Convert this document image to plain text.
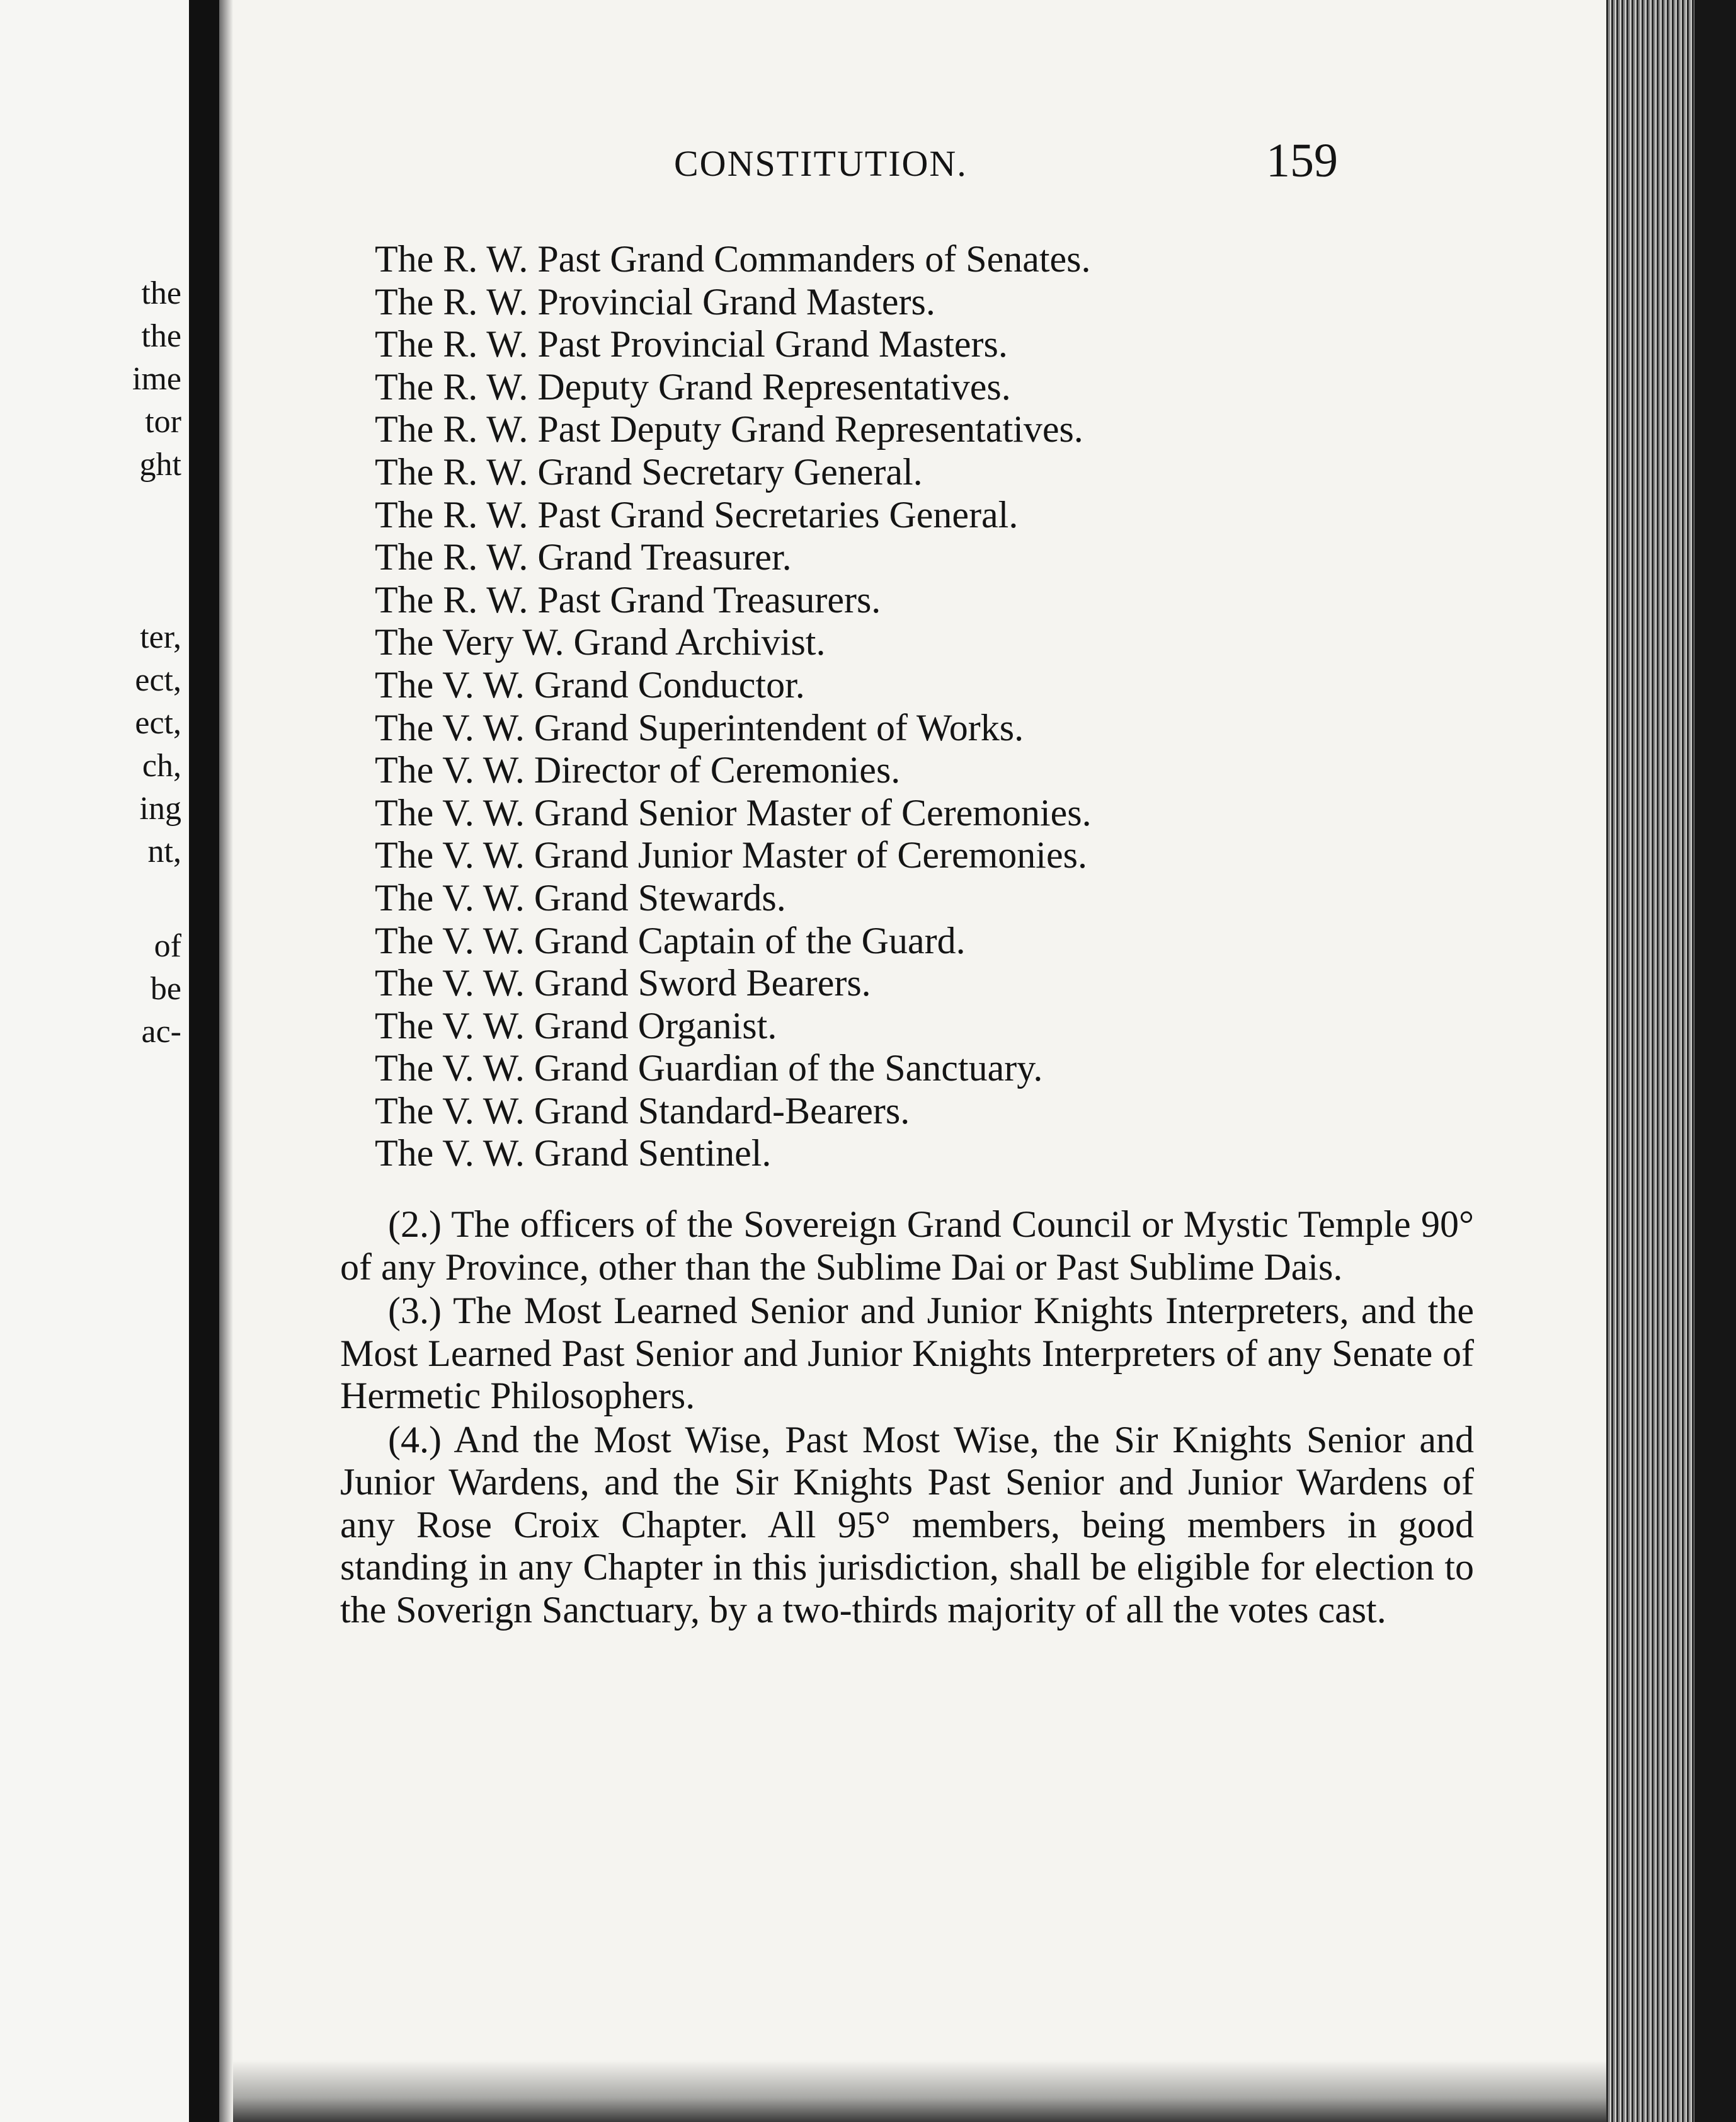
the

the

ime

tor

ght

ter,

ect,

ect,

ch,

ing

nt,

of

be

ac-

CONSTITUTION.	159

The R. W. Past Grand Commanders of Senates.
The R. W. Provincial Grand Masters.
The R. W. Past Provincial Grand Masters.
The R. W. Deputy Grand Representatives.
The R. W. Past Deputy Grand Representatives.
The R. W. Grand Secretary General.
The R. W. Past Grand Secretaries General.
The R. W. Grand Treasurer.
The R. W. Past Grand Treasurers.
The Very W. Grand Archivist.
The V. W. Grand Conductor.
The V. W. Grand Superintendent of Works.
The V. W. Director of Ceremonies.
The V. W. Grand Senior Master of Ceremonies.
The V. W. Grand Junior Master of Ceremonies.
The V. W. Grand Stewards.
The V. W. Grand Captain of the Guard.
The V. W. Grand Sword Bearers.
The V. W. Grand Organist.
The V. W. Grand Guardian of the Sanctuary.
The V. W. Grand Standard-Bearers.
The V. W. Grand Sentinel.

(2.) The officers of the Sovereign Grand Council or Mystic Temple 90° of any Province, other than the Sublime Dai or Past Sublime Dais.

(3.) The Most Learned Senior and Junior Knights Interpreters, and the Most Learned Past Senior and Junior Knights Interpreters of any Senate of Hermetic Philosophers.

(4.) And the Most Wise, Past Most Wise, the Sir Knights Senior and Junior Wardens, and the Sir Knights Past Senior and Junior Wardens of any Rose Croix Chapter. All 95° members, being members in good standing in any Chapter in this jurisdiction, shall be eligible for election to the Soverign Sanctuary, by a two-thirds majority of all the votes cast.
